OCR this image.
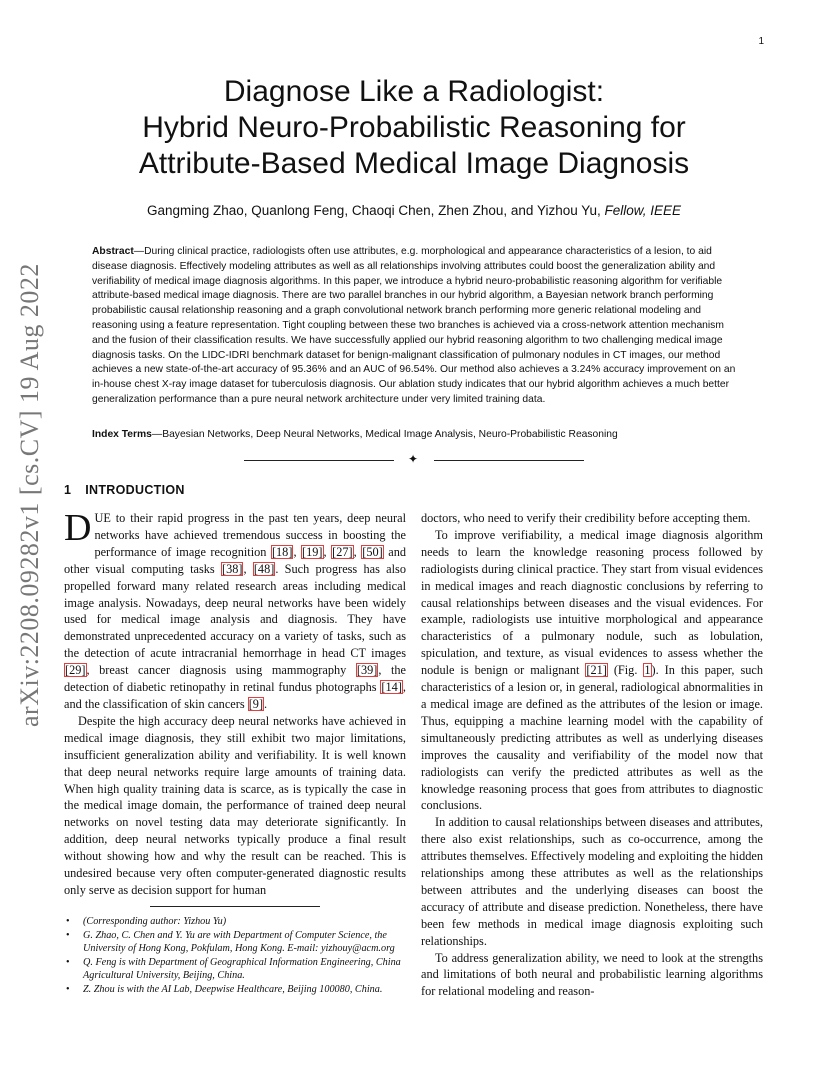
1
arXiv:2208.09282v1 [cs.CV] 19 Aug 2022
Diagnose Like a Radiologist:
Hybrid Neuro-Probabilistic Reasoning for
Attribute-Based Medical Image Diagnosis
Gangming Zhao, Quanlong Feng, Chaoqi Chen, Zhen Zhou, and Yizhou Yu, Fellow, IEEE
Abstract—During clinical practice, radiologists often use attributes, e.g. morphological and appearance characteristics of a lesion, to aid disease diagnosis. Effectively modeling attributes as well as all relationships involving attributes could boost the generalization ability and verifiability of medical image diagnosis algorithms. In this paper, we introduce a hybrid neuro-probabilistic reasoning algorithm for verifiable attribute-based medical image diagnosis. There are two parallel branches in our hybrid algorithm, a Bayesian network branch performing probabilistic causal relationship reasoning and a graph convolutional network branch performing more generic relational modeling and reasoning using a feature representation. Tight coupling between these two branches is achieved via a cross-network attention mechanism and the fusion of their classification results. We have successfully applied our hybrid reasoning algorithm to two challenging medical image diagnosis tasks. On the LIDC-IDRI benchmark dataset for benign-malignant classification of pulmonary nodules in CT images, our method achieves a new state-of-the-art accuracy of 95.36% and an AUC of 96.54%. Our method also achieves a 3.24% accuracy improvement on an in-house chest X-ray image dataset for tuberculosis diagnosis. Our ablation study indicates that our hybrid algorithm achieves a much better generalization performance than a pure neural network architecture under very limited training data.
Index Terms—Bayesian Networks, Deep Neural Networks, Medical Image Analysis, Neuro-Probabilistic Reasoning
✦
1 INTRODUCTION

DUE to their rapid progress in the past ten years, deep neural networks have achieved tremendous success in boosting the performance of image recognition [18], [19], [27], [50] and other visual computing tasks [38], [48]. Such progress has also propelled forward many related research areas including medical image analysis. Nowadays, deep neural networks have been widely used for medical image analysis and diagnosis. They have demonstrated unprecedented accuracy on a variety of tasks, such as the detection of acute intracranial hemorrhage in head CT images [29], breast cancer diagnosis using mammography [39], the detection of diabetic retinopathy in retinal fundus photographs [14], and the classification of skin cancers [9].

Despite the high accuracy deep neural networks have achieved in medical image diagnosis, they still exhibit two major limitations, insufficient generalization ability and verifiability. It is well known that deep neural networks require large amounts of training data. When high quality training data is scarce, as is typically the case in the medical image domain, the performance of trained deep neural networks on novel testing data may deteriorate significantly. In addition, deep neural networks typically produce a final result without showing how and why the result can be reached. This is undesired because very often computer-generated diagnostic results only serve as decision support for human

doctors, who need to verify their credibility before accepting them.

To improve verifiability, a medical image diagnosis algorithm needs to learn the knowledge reasoning process followed by radiologists during clinical practice. They start from visual evidences in medical images and reach diagnostic conclusions by referring to causal relationships between diseases and the visual evidences. For example, radiologists use intuitive morphological and appearance characteristics of a pulmonary nodule, such as lobulation, spiculation, and texture, as visual evidences to assess whether the nodule is benign or malignant [21] (Fig. 1). In this paper, such characteristics of a lesion or, in general, radiological abnormalities in a medical image are defined as the attributes of the lesion or image. Thus, equipping a machine learning model with the capability of simultaneously predicting attributes as well as underlying diseases improves the causality and verifiability of the model now that radiologists can verify the predicted attributes as well as the knowledge reasoning process that goes from attributes to diagnostic conclusions.

In addition to causal relationships between diseases and attributes, there also exist relationships, such as co-occurrence, among the attributes themselves. Effectively modeling and exploiting the hidden relationships among these attributes as well as the relationships between attributes and the underlying diseases can boost the accuracy of attribute and disease prediction. Nonetheless, there have been few methods in medical image diagnosis exploiting such relationships.

To address generalization ability, we need to look at the strengths and limitations of both neural and probabilistic learning algorithms for relational modeling and reason-

• (Corresponding author: Yizhou Yu)
• G. Zhao, C. Chen and Y. Yu are with Department of Computer Science, the University of Hong Kong, Pokfulam, Hong Kong. E-mail: yizhouy@acm.org
• Q. Feng is with Department of Geographical Information Engineering, China Agricultural University, Beijing, China.
• Z. Zhou is with the AI Lab, Deepwise Healthcare, Beijing 100080, China.
